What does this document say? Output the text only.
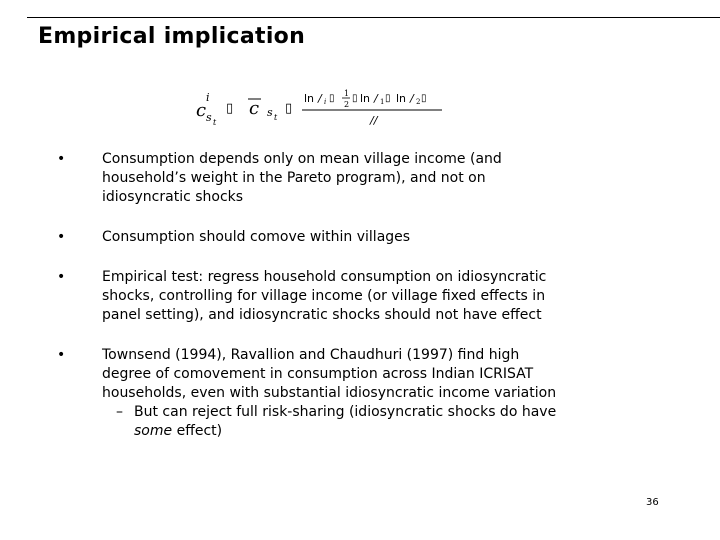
Empirical implication
c
i
s t
▯ c s t
▯
ln / i ▯ 1
2
▯ ln / 1 ▯ ln / 2 ▯
//
•	Consumption depends only on mean village income (and
household’s weight in the Pareto program), and not on
idiosyncratic shocks
•	Consumption should comove within villages
•	Empirical test: regress household consumption on idiosyncratic
shocks, controlling for village income (or village fixed effects in
panel setting), and idiosyncratic shocks should not have effect
•	Townsend (1994), Ravallion and Chaudhuri (1997) find high
degree of comovement in consumption across Indian ICRISAT
households, even with substantial idiosyncratic income variation
– But can reject full risk-sharing (idiosyncratic shocks do have
some effect)
36
